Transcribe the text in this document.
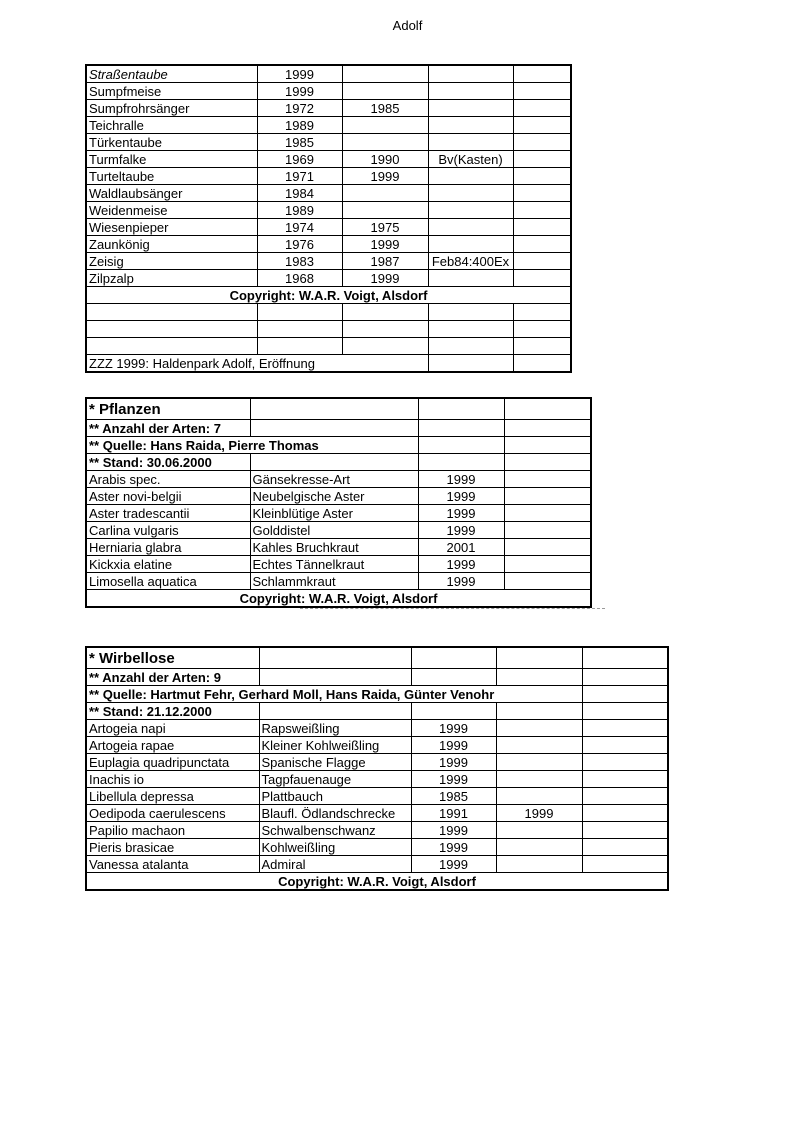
Adolf
Straßentaube	1999			
Sumpfmeise	1999			
Sumpfrohrsänger	1972	1985		
Teichralle	1989			
Türkentaube	1985			
Turmfalke	1969	1990	Bv(Kasten)	
Turteltaube	1971	1999		
Waldlaubsänger	1984			
Weidenmeise	1989			
Wiesenpieper	1974	1975		
Zaunkönig	1976	1999		
Zeisig	1983	1987	Feb84:400Ex	
Zilpzalp	1968	1999		
Copyright: W.A.R. Voigt, Alsdorf				

ZZZ 1999: Haldenpark Adolf, Eröffnung				
* Pflanzen			
** Anzahl der Arten: 7			
** Quelle: Hans Raida, Pierre Thomas			
** Stand: 30.06.2000			
Arabis spec.	Gänsekresse-Art	1999	
Aster novi-belgii	Neubelgische Aster	1999	
Aster tradescantii	Kleinblütige Aster	1999	
Carlina vulgaris	Golddistel	1999	
Herniaria glabra	Kahles Bruchkraut	2001	
Kickxia elatine	Echtes Tännelkraut	1999	
Limosella aquatica	Schlammkraut	1999	
Copyright: W.A.R. Voigt, Alsdorf			
* Wirbellose				
** Anzahl der Arten: 9				
** Quelle: Hartmut Fehr, Gerhard Moll, Hans Raida, Günter Venohr				
** Stand: 21.12.2000				
Artogeia napi	Rapsweißling	1999		
Artogeia rapae	Kleiner Kohlweißling	1999		
Euplagia quadripunctata	Spanische Flagge	1999		
Inachis io	Tagpfauenauge	1999		
Libellula depressa	Plattbauch	1985		
Oedipoda caerulescens	Blaufl. Ödlandschrecke	1991	1999	
Papilio machaon	Schwalbenschwanz	1999		
Pieris brasicae	Kohlweißling	1999		
Vanessa atalanta	Admiral	1999		
Copyright: W.A.R. Voigt, Alsdorf				
